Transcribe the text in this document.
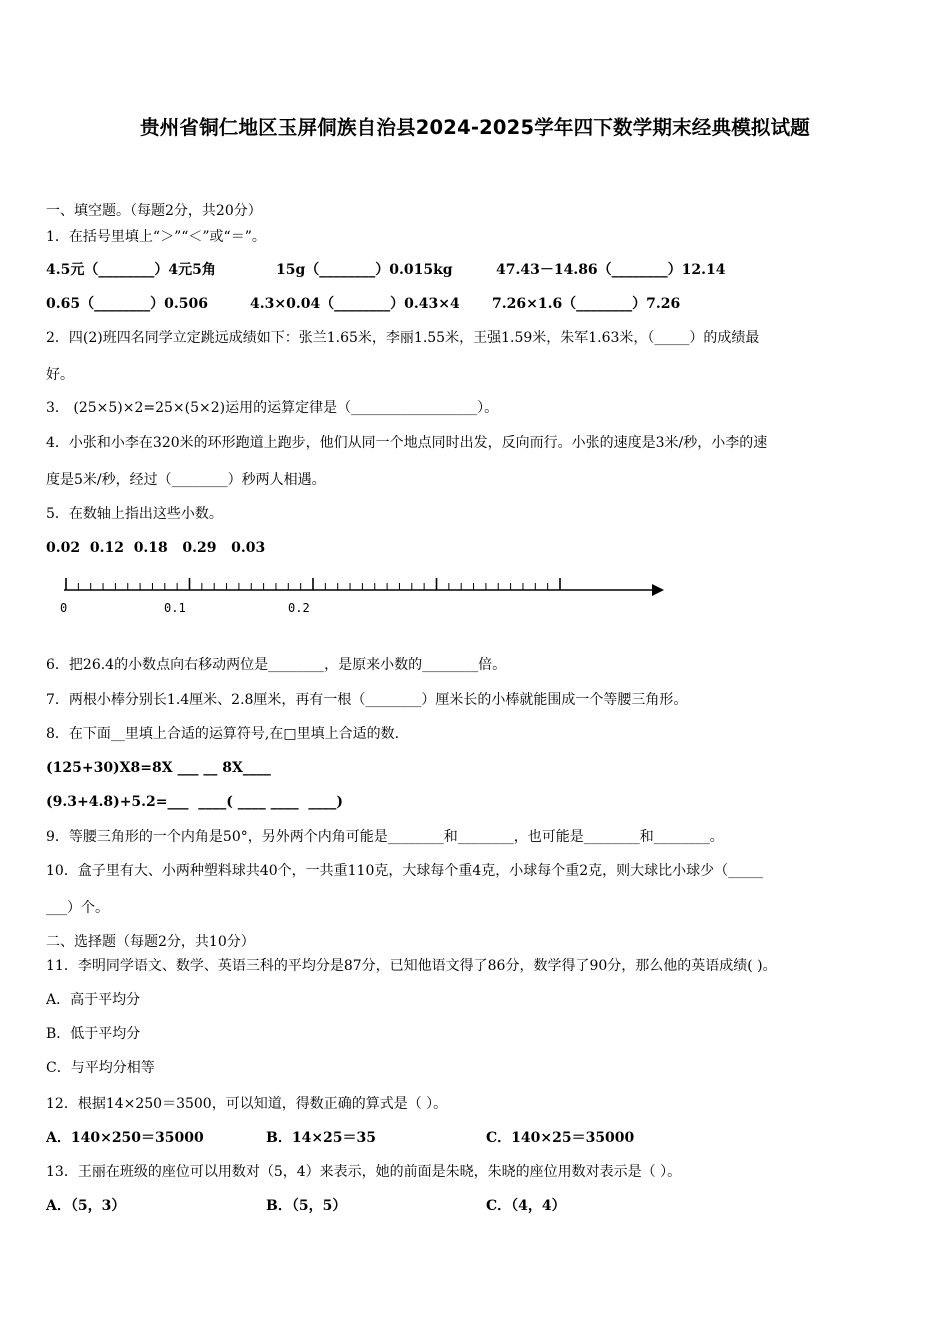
贵州省铜仁地区玉屏侗族自治县2024-2025学年四下数学期末经典模拟试题
一、填空题。（每题2分，共20分）
1．在括号里填上“＞”“＜”或“＝”。
4.5元（________）4元5角	15g（________）0.015kg	47.43－14.86（________）12.14
0.65（________）0.506	4.3×0.04（________）0.43×4 7.26×1.6（________）7.26
2．四(2)班四名同学立定跳远成绩如下：张兰1.65米，李丽1.55米，王强1.59米，朱军1.63米，（_____）的成绩最
好。
3． (25×5)×2=25×(5×2)运用的运算定律是（__________________）。
4．小张和小李在320米的环形跑道上跑步，他们从同一个地点同时出发，反向而行。小张的速度是3米/秒，小李的速
度是5米/秒，经过（________）秒两人相遇。
5．在数轴上指出这些小数。
0.02  0.12  0.18   0.29   0.03
0	0.1	0.2
6．把26.4的小数点向右移动两位是________，是原来小数的________倍。
7．两根小棒分别长1.4厘米、2.8厘米，再有一根（________）厘米长的小棒就能围成一个等腰三角形。
8．在下面__里填上合适的运算符号,在□里填上合适的数.
(125+30)X8=8X ___ __ 8X____
(9.3+4.8)+5.2=___  ____( ____ ____  ____)
9．等腰三角形的一个内角是50°，另外两个内角可能是________和________，也可能是________和________。
10．盒子里有大、小两种塑料球共40个，一共重110克，大球每个重4克，小球每个重2克，则大球比小球少（_____
___）个。
二、选择题（每题2分，共10分）
11．李明同学语文、数学、英语三科的平均分是87分，已知他语文得了86分，数学得了90分，那么他的英语成绩( )。
A．高于平均分
B．低于平均分
C．与平均分相等
12．根据14×250＝3500，可以知道，得数正确的算式是（ ）。
A．140×250＝35000	B．14×25＝35	C．140×25＝35000
13．王丽在班级的座位可以用数对（5，4）来表示，她的前面是朱晓，朱晓的座位用数对表示是（ ）。
A．（5，3）	B．（5，5）	C．（4，4）
